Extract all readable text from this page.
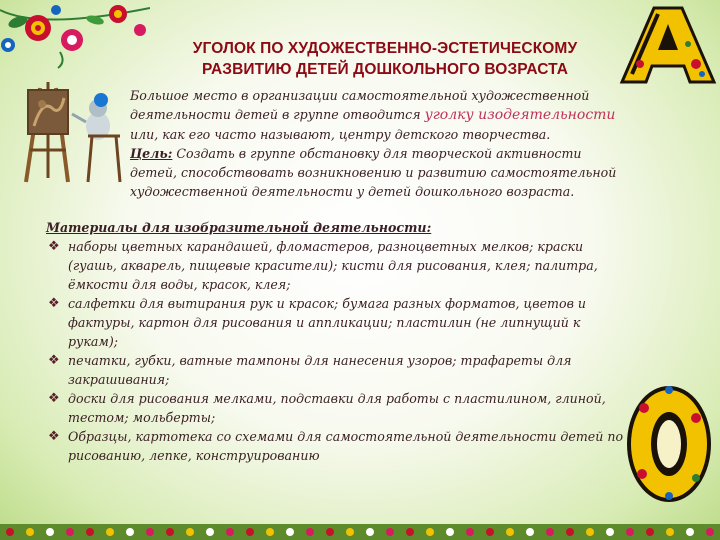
УГОЛОК ПО ХУДОЖЕСТВЕННО-ЭСТЕТИЧЕСКОМУ
РАЗВИТИЮ ДЕТЕЙ ДОШКОЛЬНОГО ВОЗРАСТА
Большое место в организации самостоятельной художественной деятельности детей в группе отводится уголку изодеятельности или, как его часто называют, центру детского творчества.
Цель: Создать в группе обстановку для творческой активности детей, способствовать возникновению и развитию самостоятельной художественной деятельности у детей дошкольного возраста.
Материалы для изобразительной деятельности:
❖ наборы цветных карандашей, фломастеров, разноцветных мелков; краски (гуашь, акварель, пищевые красители); кисти для рисования, клея; палитра, ёмкости для воды, красок, клея;
❖ салфетки для вытирания рук и красок; бумага разных форматов, цветов и фактуры, картон для рисования и аппликации; пластилин (не липнущий к рукам);
❖ печатки, губки, ватные тампоны для нанесения узоров; трафареты для закрашивания;
❖ доски для рисования мелками, подставки для работы с пластилином, глиной, тестом; мольберты;
❖ Образцы, картотека со схемами для самостоятельной деятельности детей по рисованию, лепке, конструированию
